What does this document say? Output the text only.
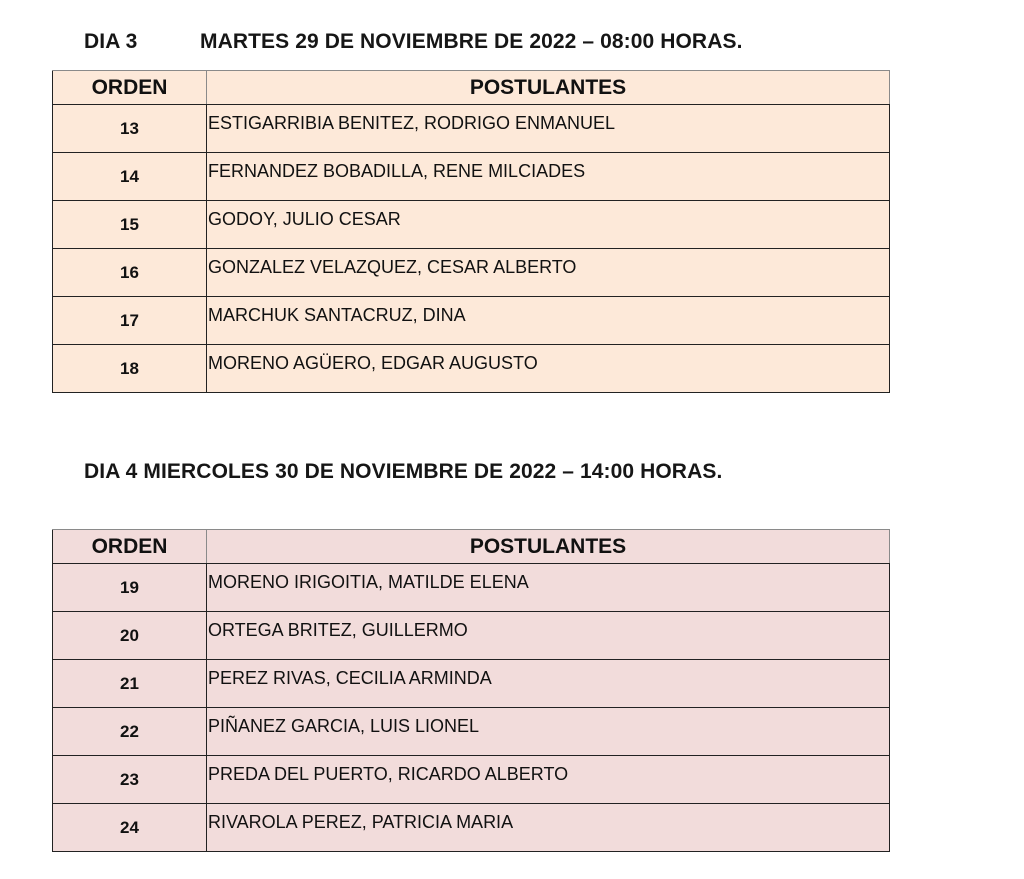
DIA 3	MARTES 29 DE NOVIEMBRE DE 2022 – 08:00 HORAS.
ORDEN	POSTULANTES
13	ESTIGARRIBIA BENITEZ, RODRIGO ENMANUEL
14	FERNANDEZ BOBADILLA, RENE MILCIADES
15	GODOY, JULIO CESAR
16	GONZALEZ VELAZQUEZ, CESAR ALBERTO
17	MARCHUK SANTACRUZ, DINA
18	MORENO AGÜERO, EDGAR AUGUSTO
DIA 4 MIERCOLES 30 DE NOVIEMBRE DE 2022 – 14:00 HORAS.
ORDEN	POSTULANTES
19	MORENO IRIGOITIA, MATILDE ELENA
20	ORTEGA BRITEZ, GUILLERMO
21	PEREZ RIVAS, CECILIA ARMINDA
22	PIÑANEZ GARCIA, LUIS LIONEL
23	PREDA DEL PUERTO, RICARDO ALBERTO
24	RIVAROLA PEREZ, PATRICIA MARIA
